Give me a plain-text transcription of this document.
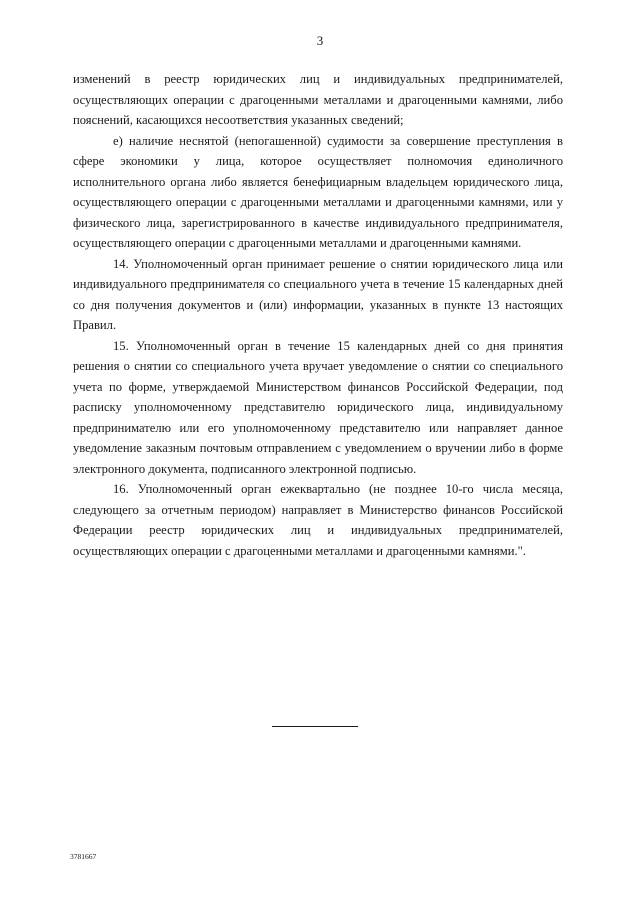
3

изменений в реестр юридических лиц и индивидуальных предпринимателей, осуществляющих операции с драгоценными металлами и драгоценными камнями, либо пояснений, касающихся несоответствия указанных сведений;

е) наличие неснятой (непогашенной) судимости за совершение преступления в сфере экономики у лица, которое осуществляет полномочия единоличного исполнительного органа либо является бенефициарным владельцем юридического лица, осуществляющего операции с драгоценными металлами и драгоценными камнями, или у физического лица, зарегистрированного в качестве индивидуального предпринимателя, осуществляющего операции с драгоценными металлами и драгоценными камнями.

14. Уполномоченный орган принимает решение о снятии юридического лица или индивидуального предпринимателя со специального учета в течение 15 календарных дней со дня получения документов и (или) информации, указанных в пункте 13 настоящих Правил.

15. Уполномоченный орган в течение 15 календарных дней со дня принятия решения о снятии со специального учета вручает уведомление о снятии со специального учета по форме, утверждаемой Министерством финансов Российской Федерации, под расписку уполномоченному представителю юридического лица, индивидуальному предпринимателю или его уполномоченному представителю или направляет данное уведомление заказным почтовым отправлением с уведомлением о вручении либо в форме электронного документа, подписанного электронной подписью.

16. Уполномоченный орган ежеквартально (не позднее 10-го числа месяца, следующего за отчетным периодом) направляет в Министерство финансов Российской Федерации реестр юридических лиц и индивидуальных предпринимателей, осуществляющих операции с драгоценными металлами и драгоценными камнями.".

3781667
